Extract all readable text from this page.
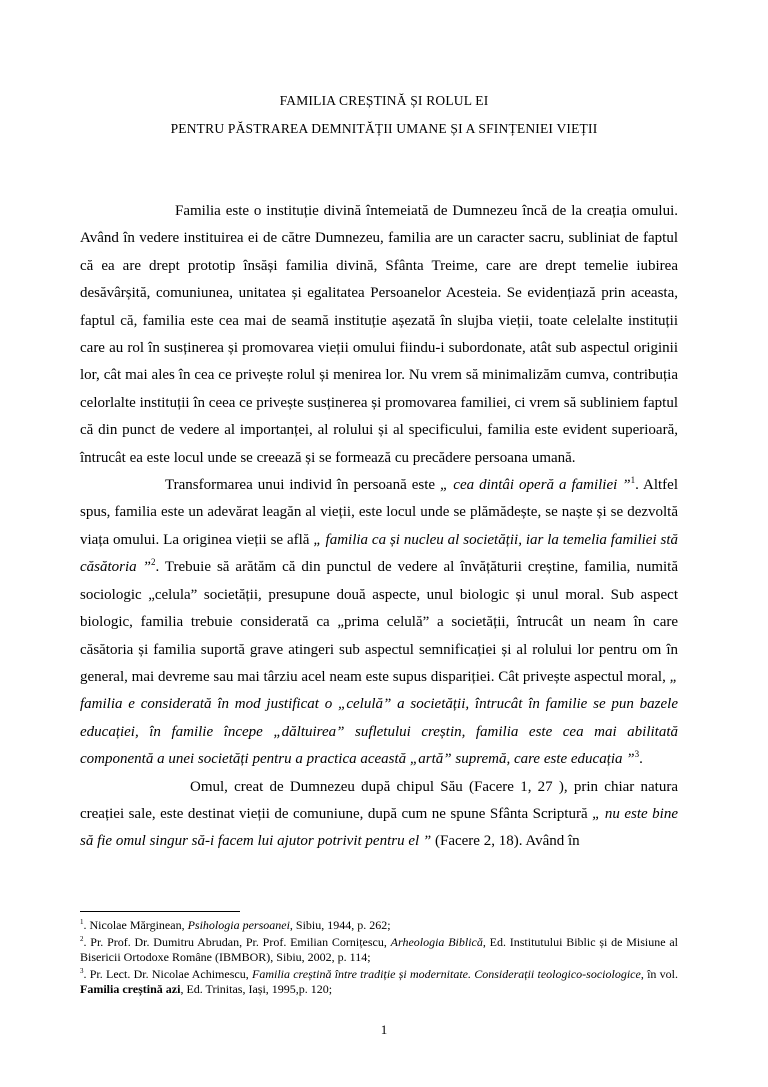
FAMILIA CREȘTINĂ ȘI ROLUL EI
PENTRU PĂSTRAREA DEMNITĂȚII UMANE ȘI A SFINȚENIEI VIEȚII

Familia este o instituție divină întemeiată de Dumnezeu încă de la creația omului. Având în vedere instituirea ei de către Dumnezeu, familia are un caracter sacru, subliniat de faptul că ea are drept prototip însăși familia divină, Sfânta Treime, care are drept temelie iubirea desăvârșită, comuniunea, unitatea și egalitatea Persoanelor Acesteia. Se evidențiază prin aceasta, faptul că, familia este cea mai de seamă instituție așezată în slujba vieții, toate celelalte instituții care au rol în susținerea și promovarea vieții omului fiindu-i subordonate, atât sub aspectul originii lor, cât mai ales în cea ce privește rolul și menirea lor. Nu vrem să minimalizăm cumva, contribuția celorlalte instituții în ceea ce privește susținerea și promovarea familiei, ci vrem să subliniem faptul că din punct de vedere al importanței, al rolului și al specificului, familia este evident superioară, întrucât ea este locul unde se creează și se formează cu precădere persoana umană.

Transformarea unui individ în persoană este „ cea dintâi operă a familiei ”$^1$. Altfel spus, familia este un adevărat leagăn al vieții, este locul unde se plămădește, se naște și se dezvoltă viața omului. La originea vieții se află „ familia ca și nucleu al societății, iar la temelia familiei stă căsătoria ”$^2$. Trebuie să arătăm că din punctul de vedere al învățăturii creștine, familia, numită sociologic „celula” societății, presupune două aspecte, unul biologic și unul moral. Sub aspect biologic, familia trebuie considerată ca „prima celulă” a societății, întrucât un neam în care căsătoria și familia suportă grave atingeri sub aspectul semnificației și al rolului lor pentru om în general, mai devreme sau mai târziu acel neam este supus dispariției. Cât privește aspectul moral, „ familia e considerată în mod justificat o „celulă” a societății, întrucât în familie se pun bazele educației, în familie începe „dăltuirea” sufletului creștin, familia este cea mai abilitată componentă a unei societăți pentru a practica această „artă” supremă, care este educația ”$^3$.

Omul, creat de Dumnezeu după chipul Său (Facere 1, 27 ), prin chiar natura creației sale, este destinat vieții de comuniune, după cum ne spune Sfânta Scriptură „ nu este bine să fie omul singur să-i facem lui ajutor potrivit pentru el ” (Facere 2, 18). Având în

$^1$. Nicolae Mărginean, Psihologia persoanei, Sibiu, 1944, p. 262;

$^2$. Pr. Prof. Dr. Dumitru Abrudan, Pr. Prof. Emilian Cornițescu, Arheologia Biblică, Ed. Institutului Biblic și de Misiune al Bisericii Ortodoxe Române (IBMBOR), Sibiu, 2002, p. 114;

$^3$. Pr. Lect. Dr. Nicolae Achimescu, Familia creștină între tradiție și modernitate. Considerații teologico-sociologice, în vol. Familia creștină azi, Ed. Trinitas, Iași, 1995,p. 120;

1
